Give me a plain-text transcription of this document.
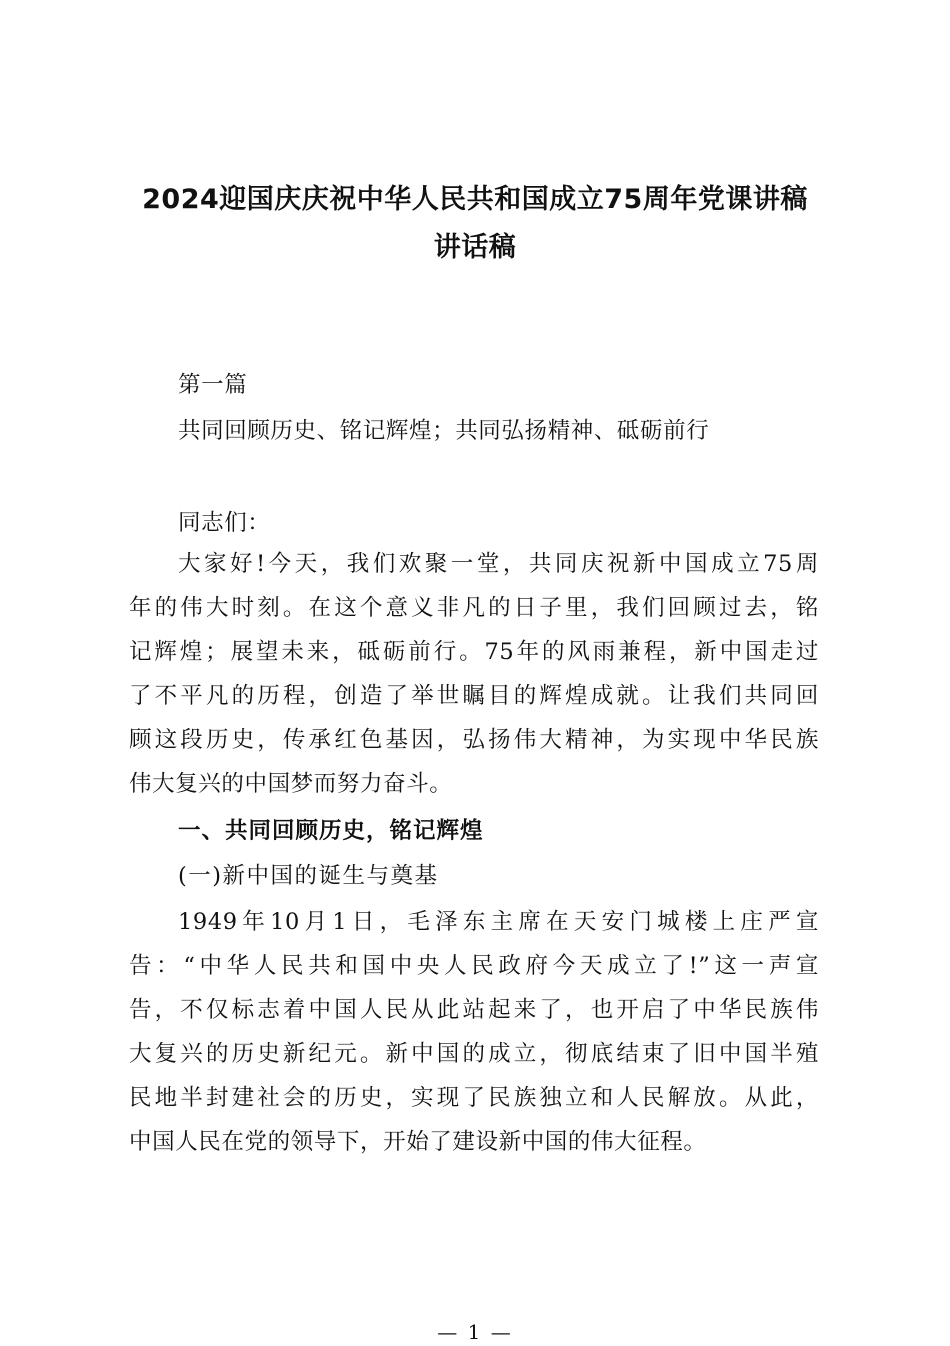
2024迎国庆庆祝中华人民共和国成立75周年党课讲稿
讲话稿
第一篇
共同回顾历史、铭记辉煌；共同弘扬精神、砥砺前行
同志们：
大家好!今天，我们欢聚一堂，共同庆祝新中国成立75周
年的伟大时刻。在这个意义非凡的日子里，我们回顾过去，铭
记辉煌；展望未来，砥砺前行。75年的风雨兼程，新中国走过
了不平凡的历程，创造了举世瞩目的辉煌成就。让我们共同回
顾这段历史，传承红色基因，弘扬伟大精神，为实现中华民族
伟大复兴的中国梦而努力奋斗。
一、共同回顾历史，铭记辉煌
(一)新中国的诞生与奠基
1949年10月1日，毛泽东主席在天安门城楼上庄严宣
告：“中华人民共和国中央人民政府今天成立了!”这一声宣
告，不仅标志着中国人民从此站起来了，也开启了中华民族伟
大复兴的历史新纪元。新中国的成立，彻底结束了旧中国半殖
民地半封建社会的历史，实现了民族独立和人民解放。从此，
中国人民在党的领导下，开始了建设新中国的伟大征程。
— 1 —
